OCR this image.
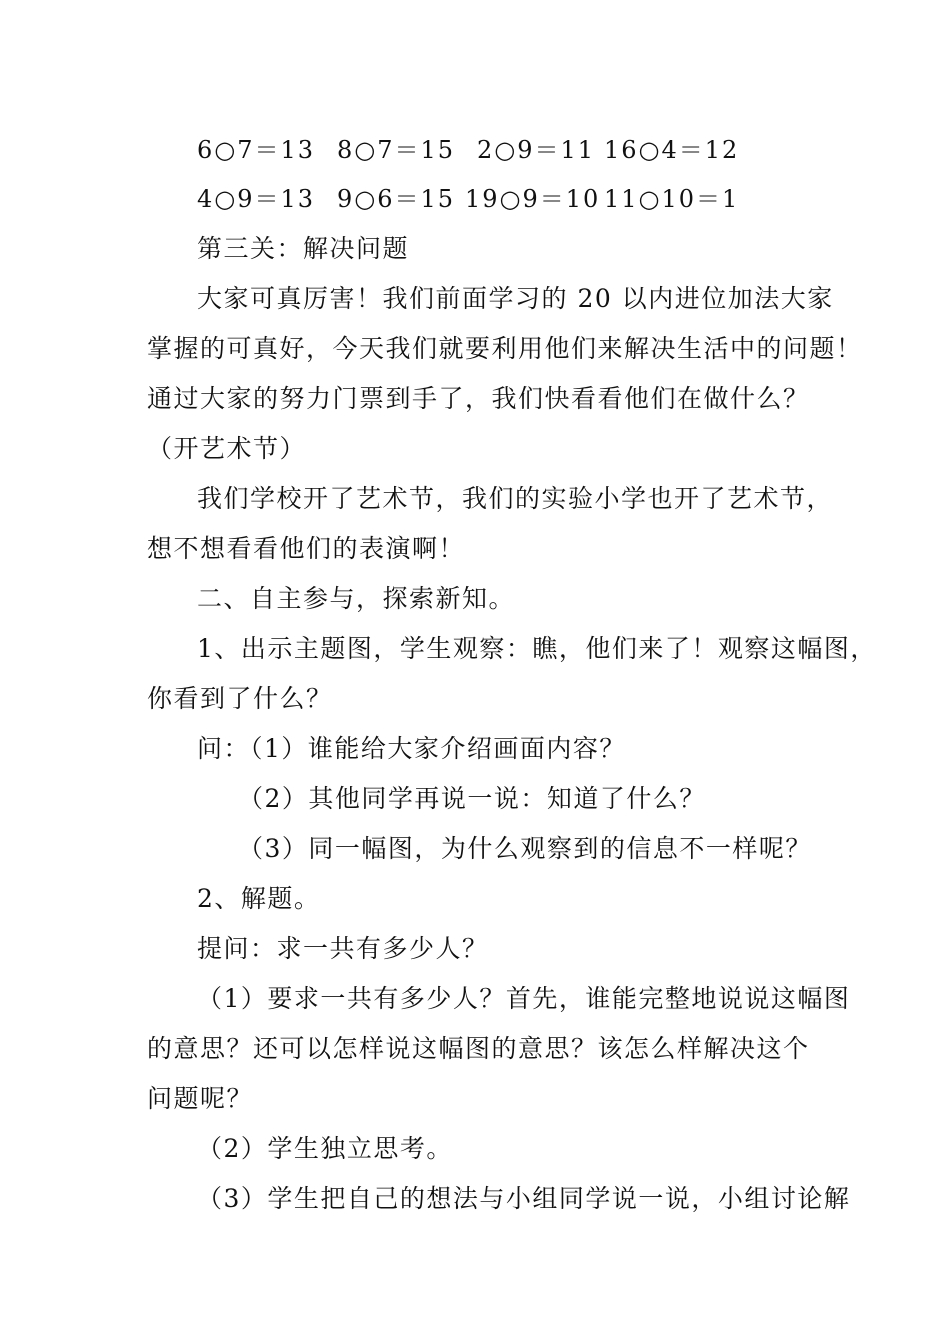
6○7＝13 8○7＝15 2○9＝11 16○4＝12
4○9＝13 9○6＝15 19○9＝10 11○10＝1
第三关：解决问题
大家可真厉害！我们前面学习的 20 以内进位加法大家
掌握的可真好，今天我们就要利用他们来解决生活中的问题！
通过大家的努力门票到手了，我们快看看他们在做什么？
（开艺术节）
我们学校开了艺术节，我们的实验小学也开了艺术节，
想不想看看他们的表演啊！
二、自主参与，探索新知。
1、出示主题图，学生观察：瞧，他们来了！观察这幅图，
你看到了什么？
问：（1）谁能给大家介绍画面内容？
（2）其他同学再说一说：知道了什么？
（3）同一幅图，为什么观察到的信息不一样呢？
2、解题。
提问：求一共有多少人？
（1）要求一共有多少人？首先，谁能完整地说说这幅图
的意思？还可以怎样说这幅图的意思？该怎么样解决这个
问题呢？
（2）学生独立思考。
（3）学生把自己的想法与小组同学说一说，小组讨论解
